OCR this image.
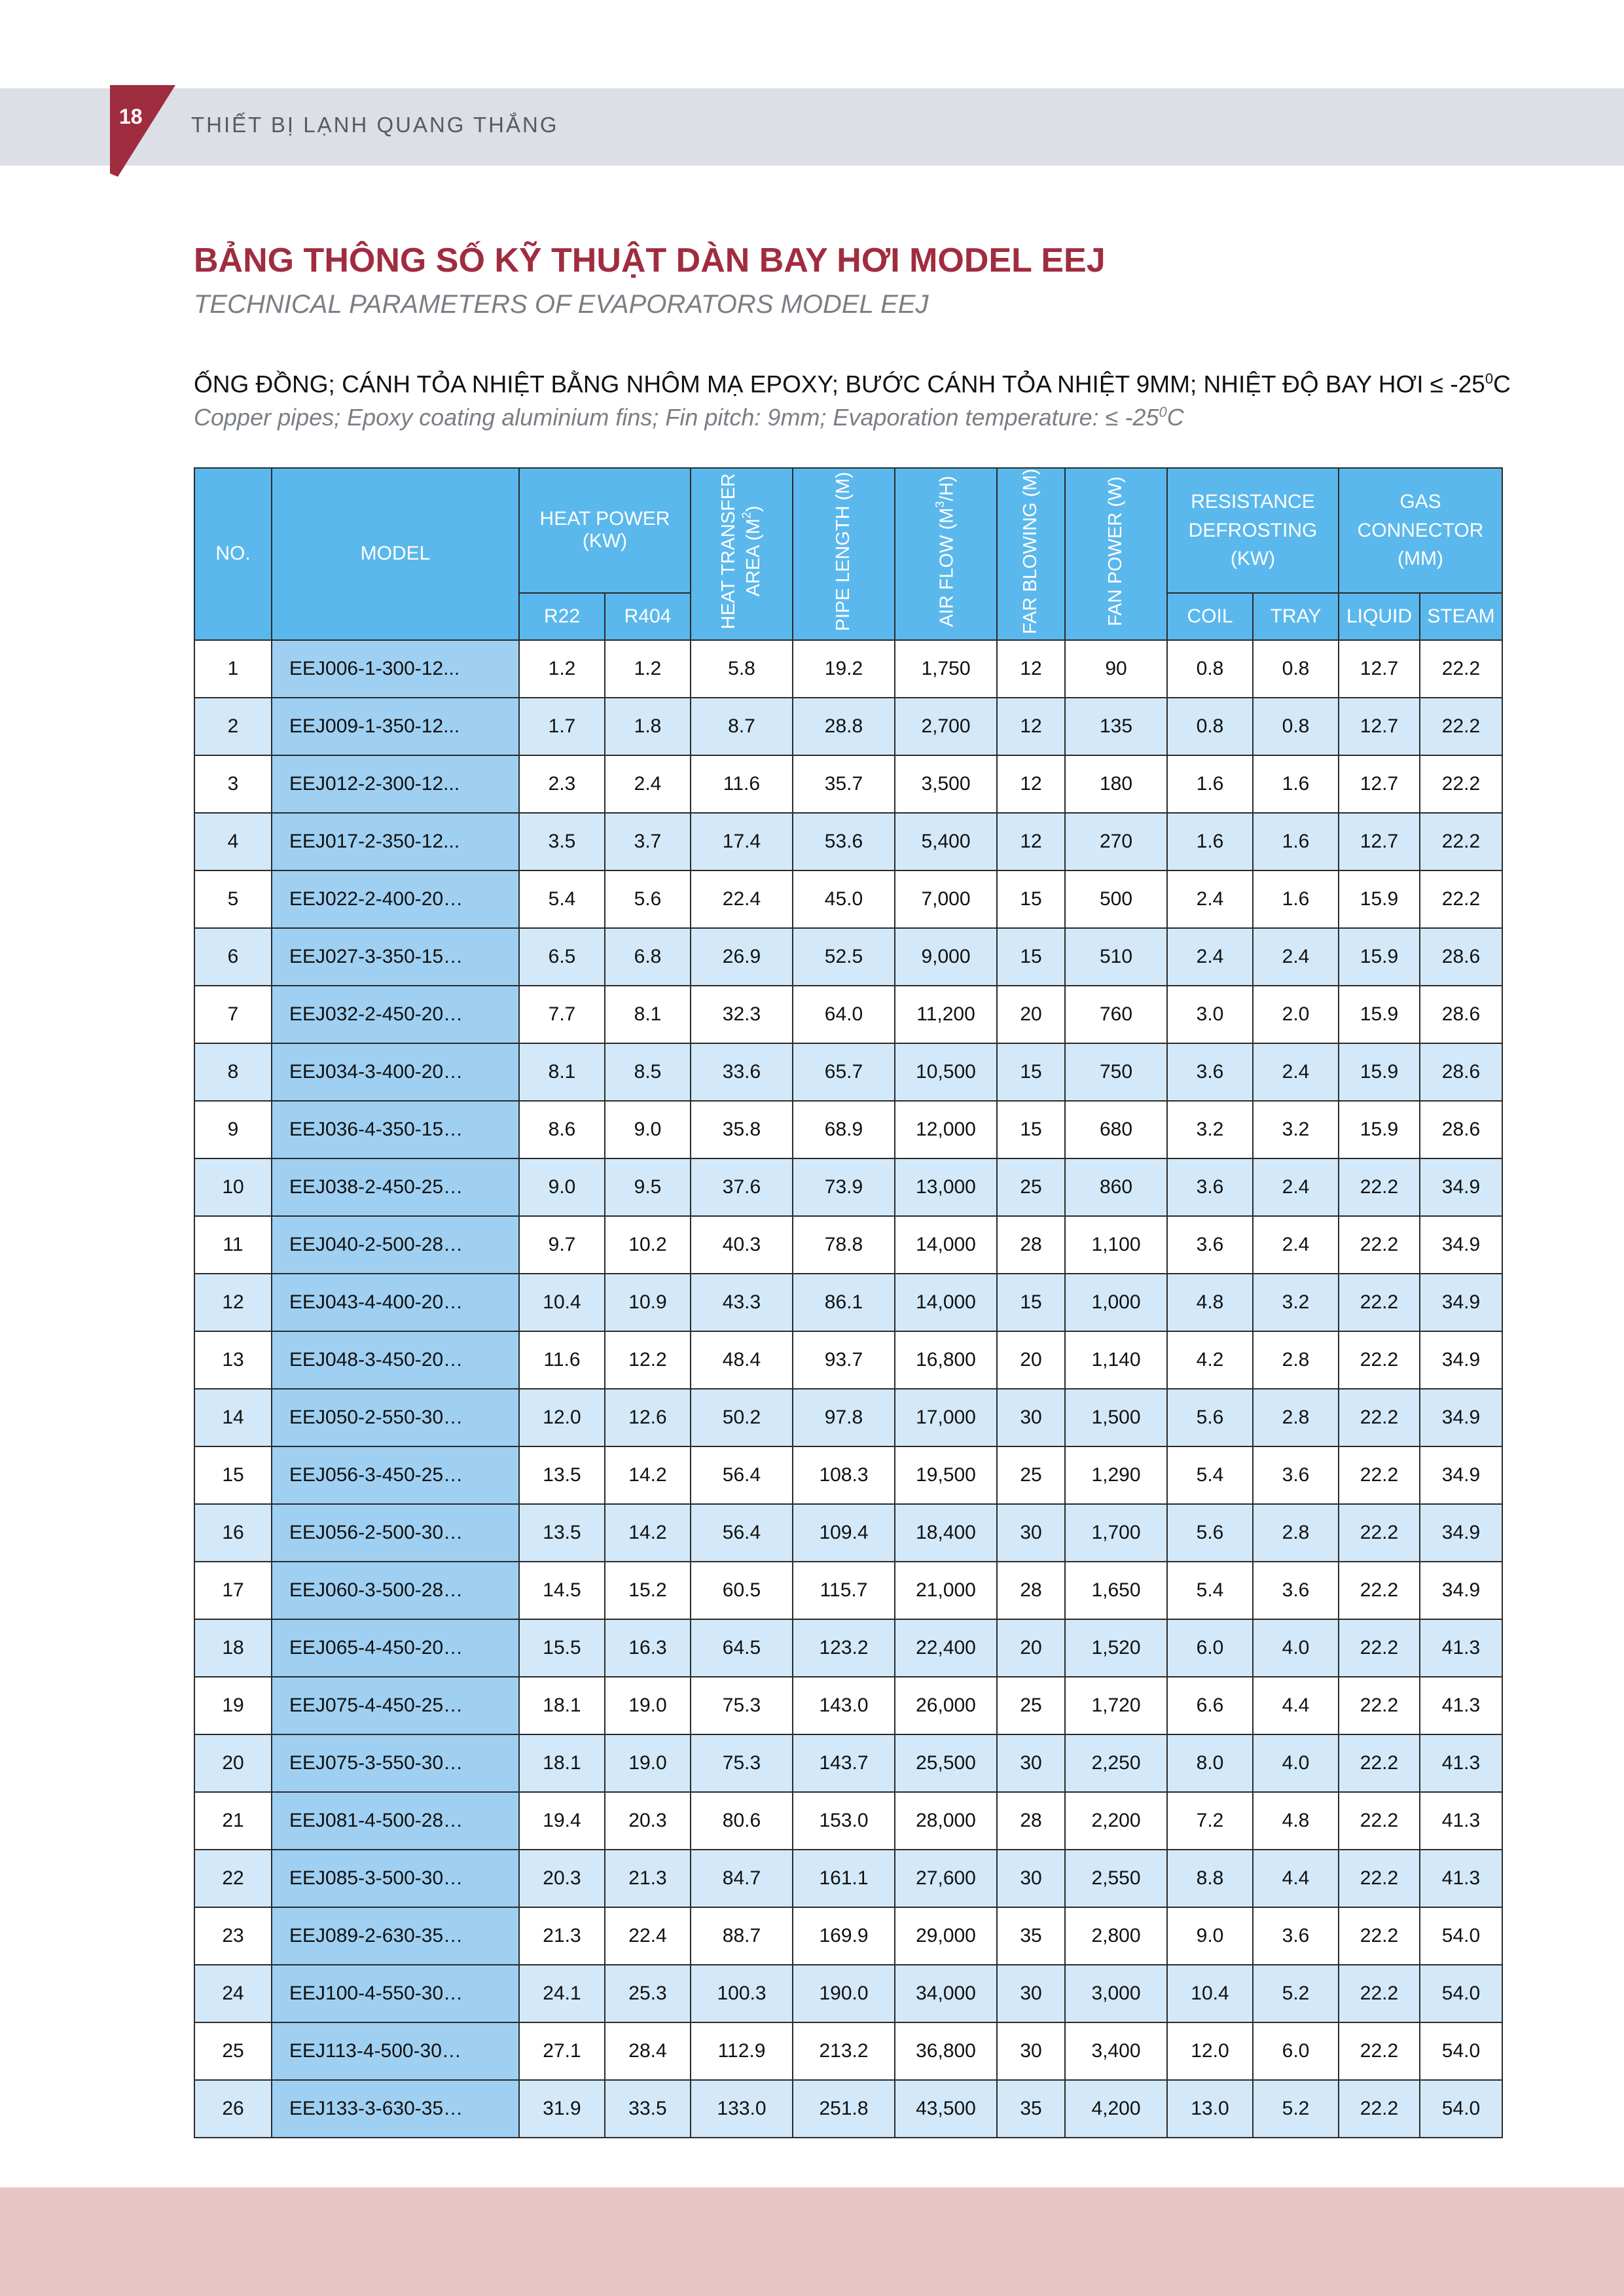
18 THIẾT BỊ LẠNH QUANG THẮNG
BẢNG THÔNG SỐ KỸ THUẬT DÀN BAY HƠI MODEL EEJ
TECHNICAL PARAMETERS OF EVAPORATORS MODEL EEJ
ỐNG ĐỒNG; CÁNH TỎA NHIỆT BẰNG NHÔM MẠ EPOXY; BƯỚC CÁNH TỎA NHIỆT 9MM; NHIỆT ĐỘ BAY HƠI ≤ $-25^0C$
Copper pipes; Epoxy coating aluminium fins; Fin pitch: 9mm; Evaporation temperature: ≤ $-25^0C$
NO.	MODEL	HEAT POWER (KW)		HEAT TRANSFER AREA $(M^2)$	PIPE LENGTH (M)	AIR FLOW $(M^3/H)$	FAR BLOWING (M)	FAN POWER (W)	RESISTANCE DEFROSTING (KW)		GAS CONNECTOR (MM)	

		R22	R404						COIL	TRAY	LIQUID	STEAM
1	EEJ006-1-300-12...	1.2	1.2	5.8	19.2	1,750	12	90	0.8	0.8	12.7	22.2
2	EEJ009-1-350-12...	1.7	1.8	8.7	28.8	2,700	12	135	0.8	0.8	12.7	22.2
3	EEJ012-2-300-12...	2.3	2.4	11.6	35.7	3,500	12	180	1.6	1.6	12.7	22.2
4	EEJ017-2-350-12...	3.5	3.7	17.4	53.6	5,400	12	270	1.6	1.6	12.7	22.2
5	EEJ022-2-400-20…	5.4	5.6	22.4	45.0	7,000	15	500	2.4	1.6	15.9	22.2
6	EEJ027-3-350-15…	6.5	6.8	26.9	52.5	9,000	15	510	2.4	2.4	15.9	28.6
7	EEJ032-2-450-20…	7.7	8.1	32.3	64.0	11,200	20	760	3.0	2.0	15.9	28.6
8	EEJ034-3-400-20…	8.1	8.5	33.6	65.7	10,500	15	750	3.6	2.4	15.9	28.6
9	EEJ036-4-350-15…	8.6	9.0	35.8	68.9	12,000	15	680	3.2	3.2	15.9	28.6
10	EEJ038-2-450-25…	9.0	9.5	37.6	73.9	13,000	25	860	3.6	2.4	22.2	34.9
11	EEJ040-2-500-28…	9.7	10.2	40.3	78.8	14,000	28	1,100	3.6	2.4	22.2	34.9
12	EEJ043-4-400-20…	10.4	10.9	43.3	86.1	14,000	15	1,000	4.8	3.2	22.2	34.9
13	EEJ048-3-450-20…	11.6	12.2	48.4	93.7	16,800	20	1,140	4.2	2.8	22.2	34.9
14	EEJ050-2-550-30…	12.0	12.6	50.2	97.8	17,000	30	1,500	5.6	2.8	22.2	34.9
15	EEJ056-3-450-25…	13.5	14.2	56.4	108.3	19,500	25	1,290	5.4	3.6	22.2	34.9
16	EEJ056-2-500-30…	13.5	14.2	56.4	109.4	18,400	30	1,700	5.6	2.8	22.2	34.9
17	EEJ060-3-500-28…	14.5	15.2	60.5	115.7	21,000	28	1,650	5.4	3.6	22.2	34.9
18	EEJ065-4-450-20…	15.5	16.3	64.5	123.2	22,400	20	1,520	6.0	4.0	22.2	41.3
19	EEJ075-4-450-25…	18.1	19.0	75.3	143.0	26,000	25	1,720	6.6	4.4	22.2	41.3
20	EEJ075-3-550-30…	18.1	19.0	75.3	143.7	25,500	30	2,250	8.0	4.0	22.2	41.3
21	EEJ081-4-500-28…	19.4	20.3	80.6	153.0	28,000	28	2,200	7.2	4.8	22.2	41.3
22	EEJ085-3-500-30…	20.3	21.3	84.7	161.1	27,600	30	2,550	8.8	4.4	22.2	41.3
23	EEJ089-2-630-35…	21.3	22.4	88.7	169.9	29,000	35	2,800	9.0	3.6	22.2	54.0
24	EEJ100-4-550-30…	24.1	25.3	100.3	190.0	34,000	30	3,000	10.4	5.2	22.2	54.0
25	EEJ113-4-500-30…	27.1	28.4	112.9	213.2	36,800	30	3,400	12.0	6.0	22.2	54.0
26	EEJ133-3-630-35…	31.9	33.5	133.0	251.8	43,500	35	4,200	13.0	5.2	22.2	54.0
